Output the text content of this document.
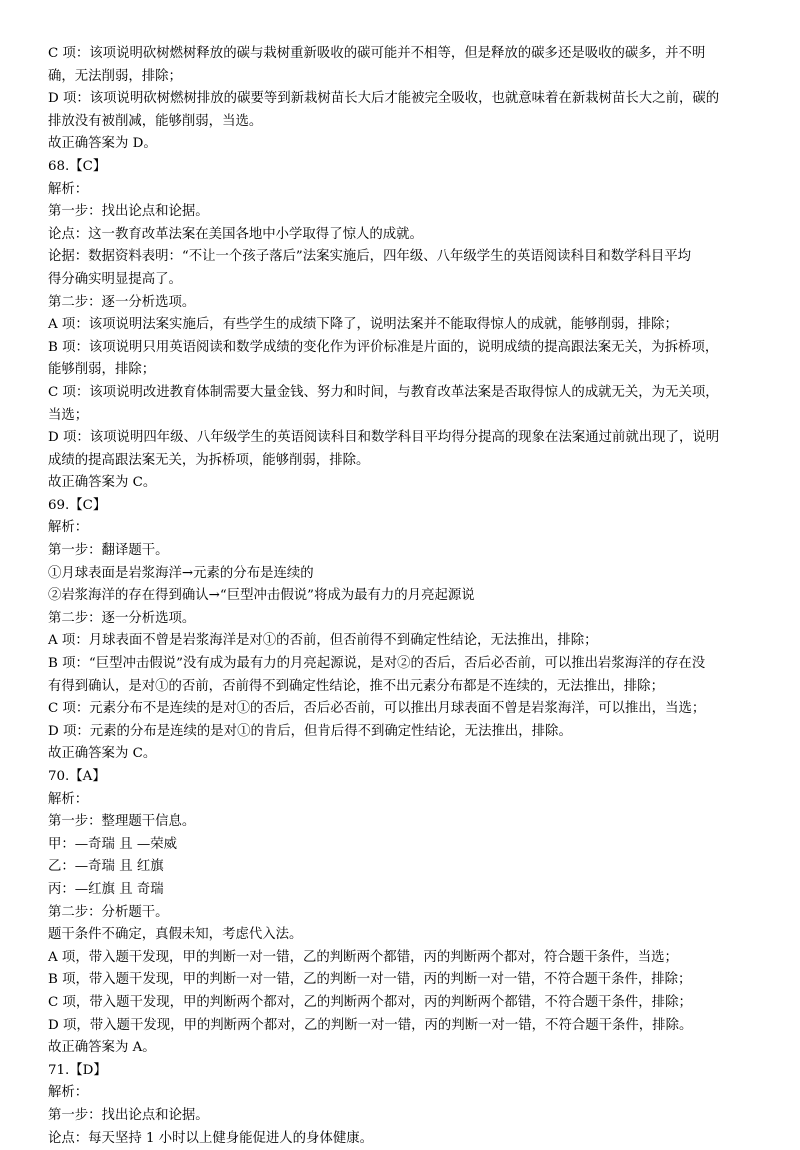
C 项：该项说明砍树燃树释放的碳与栽树重新吸收的碳可能并不相等，但是释放的碳多还是吸收的碳多，并不明

确，无法削弱，排除；

D 项：该项说明砍树燃树排放的碳要等到新栽树苗长大后才能被完全吸收，也就意味着在新栽树苗长大之前，碳的

排放没有被削减，能够削弱，当选。

故正确答案为 D。

68.【C】

解析：

第一步：找出论点和论据。

论点：这一教育改革法案在美国各地中小学取得了惊人的成就。

论据：数据资料表明：“不让一个孩子落后”法案实施后，四年级、八年级学生的英语阅读科目和数学科目平均

得分确实明显提高了。

第二步：逐一分析选项。

A 项：该项说明法案实施后，有些学生的成绩下降了，说明法案并不能取得惊人的成就，能够削弱，排除；

B 项：该项说明只用英语阅读和数学成绩的变化作为评价标准是片面的，说明成绩的提高跟法案无关，为拆桥项，

能够削弱，排除；

C 项：该项说明改进教育体制需要大量金钱、努力和时间，与教育改革法案是否取得惊人的成就无关，为无关项，

当选；

D 项：该项说明四年级、八年级学生的英语阅读科目和数学科目平均得分提高的现象在法案通过前就出现了，说明

成绩的提高跟法案无关，为拆桥项，能够削弱，排除。

故正确答案为 C。

69.【C】

解析：

第一步：翻译题干。

①月球表面是岩浆海洋→元素的分布是连续的

②岩浆海洋的存在得到确认→“巨型冲击假说”将成为最有力的月亮起源说

第二步：逐一分析选项。

A 项：月球表面不曾是岩浆海洋是对①的否前，但否前得不到确定性结论，无法推出，排除；

B 项：“巨型冲击假说”没有成为最有力的月亮起源说，是对②的否后，否后必否前，可以推出岩浆海洋的存在没

有得到确认，是对①的否前，否前得不到确定性结论，推不出元素分布都是不连续的，无法推出，排除；

C 项：元素分布不是连续的是对①的否后，否后必否前，可以推出月球表面不曾是岩浆海洋，可以推出，当选；

D 项：元素的分布是连续的是对①的肯后，但肯后得不到确定性结论，无法推出，排除。

故正确答案为 C。

70.【A】

解析：

第一步：整理题干信息。

甲：—奇瑞 且 —荣威

乙：—奇瑞 且 红旗

丙：—红旗 且 奇瑞

第二步：分析题干。

题干条件不确定，真假未知，考虑代入法。

A 项，带入题干发现，甲的判断一对一错，乙的判断两个都错，丙的判断两个都对，符合题干条件，当选；

B 项，带入题干发现，甲的判断一对一错，乙的判断一对一错，丙的判断一对一错，不符合题干条件，排除；

C 项，带入题干发现，甲的判断两个都对，乙的判断两个都对，丙的判断两个都错，不符合题干条件，排除；

D 项，带入题干发现，甲的判断两个都对，乙的判断一对一错，丙的判断一对一错，不符合题干条件，排除。

故正确答案为 A。

71.【D】

解析：

第一步：找出论点和论据。

论点：每天坚持 1 小时以上健身能促进人的身体健康。
